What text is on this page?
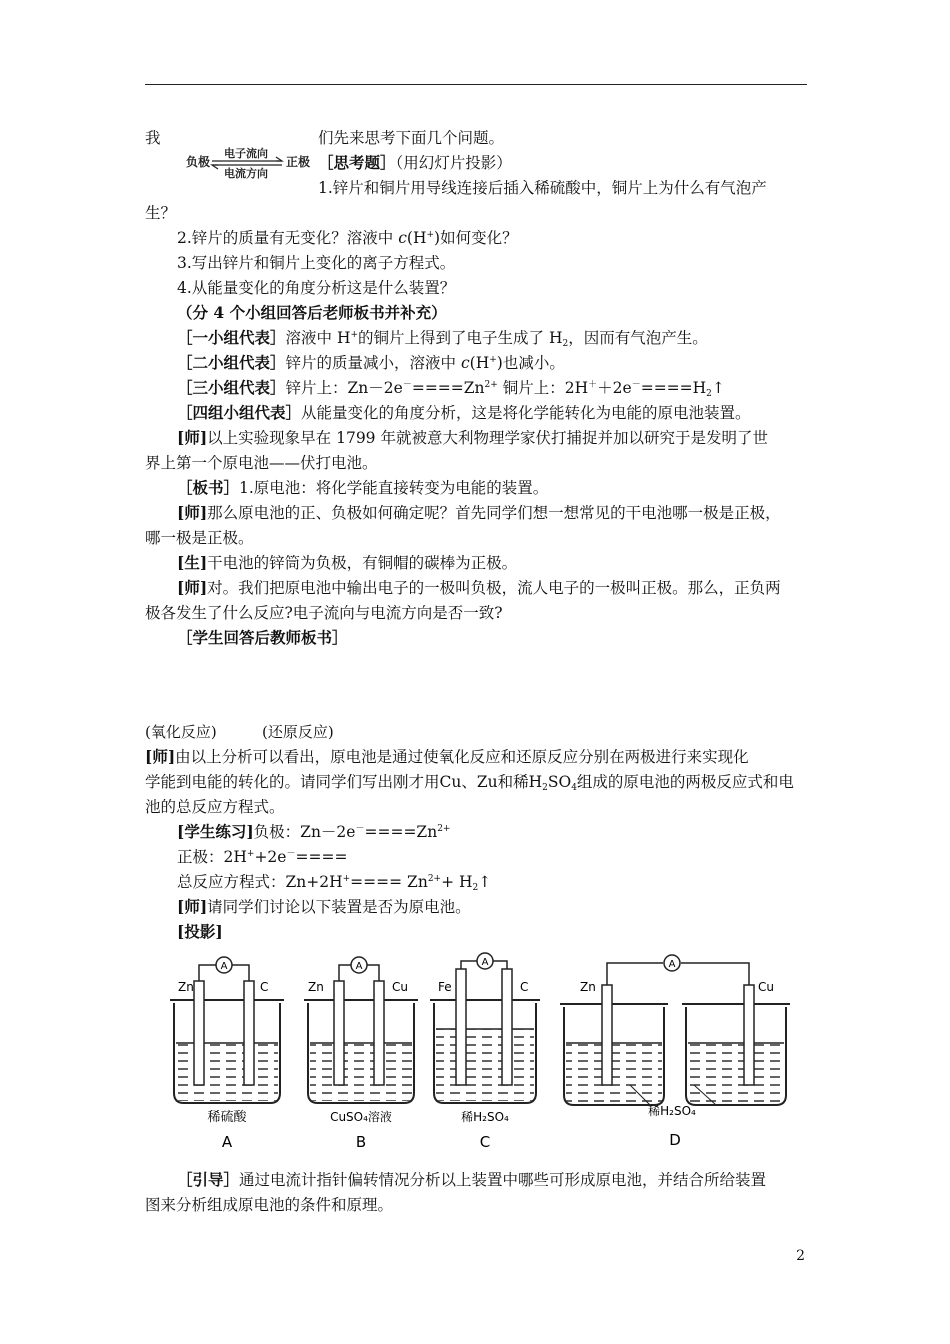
我
负极	正极
电子流向
电流方向
们先来思考下面几个问题。
［思考题］（用幻灯片投影）
1.锌片和铜片用导线连接后插入稀硫酸中，铜片上为什么有气泡产
生？
2.锌片的质量有无变化？溶液中 c(H+)如何变化？
3.写出锌片和铜片上变化的离子方程式。
4.从能量变化的角度分析这是什么装置？
（分 4 个小组回答后老师板书并补充）
［一小组代表］溶液中 H+的铜片上得到了电子生成了 H2，因而有气泡产生。
［二小组代表］锌片的质量减小，溶液中 c(H+)也减小。
［三小组代表］锌片上：$Zn-2e^-====Zn^{2+}$ 铜片上：2H＋＋2e－====H2↑
［四组小组代表］从能量变化的角度分析，这是将化学能转化为电能的原电池装置。
[师]以上实验现象早在 1799 年就被意大利物理学家伏打捕捉并加以研究于是发明了世
界上第一个原电池——伏打电池。
［板书］1.原电池：将化学能直接转变为电能的装置。
[师]那么原电池的正、负极如何确定呢？首先同学们想一想常见的干电池哪一极是正极，
哪一极是正极。
[生]干电池的锌筒为负极，有铜帽的碳棒为正极。
[师]对。我们把原电池中输出电子的一极叫负极，流人电子的一极叫正极。那么，正负两
极各发生了什么反应?电子流向与电流方向是否一致?
［学生回答后教师板书］
(氧化反应)	(还原反应)
[师]由以上分析可以看出，原电池是通过使氧化反应和还原反应分别在两极进行来实现化
学能到电能的转化的。请同学们写出刚才用Cu、Zu和稀H2SO4组成的原电池的两极反应式和电
池的总反应方程式。
[学生练习]负极：$Zn-2e^-====Zn^{2+}$
正极：2H++2e－====
总反应方程式：$Zn+2H^+==== Zn^{2+}+$ H2↑
[师]请同学们讨论以下装置是否为原电池。
[投影]
A
Zn	C
稀硫酸
A
A
Zn	Cu
CuSO₄溶液
B
A
Fe	C
稀H₂SO₄
C
A
Zn	Cu
稀H₂SO₄
D
［引导］通过电流计指针偏转情况分析以上装置中哪些可形成原电池，并结合所给装置
图来分析组成原电池的条件和原理。
2
